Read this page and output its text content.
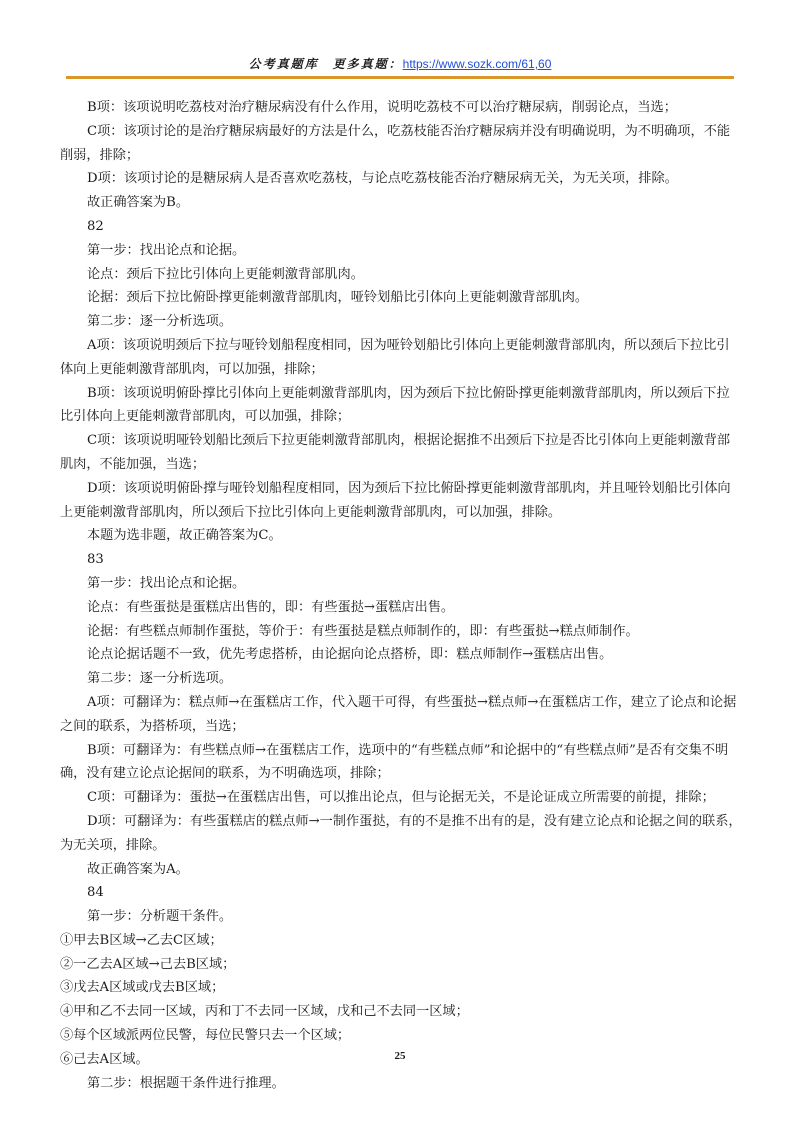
公考真题库 更多真题：https://www.sozk.com/61,60

B项：该项说明吃荔枝对治疗糖尿病没有什么作用，说明吃荔枝不可以治疗糖尿病，削弱论点，当选；

C项：该项讨论的是治疗糖尿病最好的方法是什么，吃荔枝能否治疗糖尿病并没有明确说明，为不明确项，不能削弱，排除；

D项：该项讨论的是糖尿病人是否喜欢吃荔枝，与论点吃荔枝能否治疗糖尿病无关，为无关项，排除。

故正确答案为B。

82

第一步：找出论点和论据。

论点：颈后下拉比引体向上更能刺激背部肌肉。

论据：颈后下拉比俯卧撑更能刺激背部肌肉，哑铃划船比引体向上更能刺激背部肌肉。

第二步：逐一分析选项。

A项：该项说明颈后下拉与哑铃划船程度相同，因为哑铃划船比引体向上更能刺激背部肌肉，所以颈后下拉比引体向上更能刺激背部肌肉，可以加强，排除；

B项：该项说明俯卧撑比引体向上更能刺激背部肌肉，因为颈后下拉比俯卧撑更能刺激背部肌肉，所以颈后下拉比引体向上更能刺激背部肌肉，可以加强，排除；

C项：该项说明哑铃划船比颈后下拉更能刺激背部肌肉，根据论据推不出颈后下拉是否比引体向上更能刺激背部肌肉，不能加强，当选；

D项：该项说明俯卧撑与哑铃划船程度相同，因为颈后下拉比俯卧撑更能刺激背部肌肉，并且哑铃划船比引体向上更能刺激背部肌肉，所以颈后下拉比引体向上更能刺激背部肌肉，可以加强，排除。

本题为选非题，故正确答案为C。

83

第一步：找出论点和论据。

论点：有些蛋挞是蛋糕店出售的，即：有些蛋挞→蛋糕店出售。

论据：有些糕点师制作蛋挞，等价于：有些蛋挞是糕点师制作的，即：有些蛋挞→糕点师制作。

论点论据话题不一致，优先考虑搭桥，由论据向论点搭桥，即：糕点师制作→蛋糕店出售。

第二步：逐一分析选项。

A项：可翻译为：糕点师→在蛋糕店工作，代入题干可得，有些蛋挞→糕点师→在蛋糕店工作，建立了论点和论据之间的联系，为搭桥项，当选；

B项：可翻译为：有些糕点师→在蛋糕店工作，选项中的“有些糕点师”和论据中的“有些糕点师”是否有交集不明确，没有建立论点论据间的联系，为不明确选项，排除；

C项：可翻译为：蛋挞→在蛋糕店出售，可以推出论点，但与论据无关，不是论证成立所需要的前提，排除；

D项：可翻译为：有些蛋糕店的糕点师→一制作蛋挞，有的不是推不出有的是，没有建立论点和论据之间的联系，为无关项，排除。

故正确答案为A。

84

第一步：分析题干条件。

①甲去B区域→乙去C区域；

②一乙去A区域→己去B区域；

③戊去A区域或戊去B区域；

④甲和乙不去同一区域，丙和丁不去同一区域，戊和己不去同一区域；

⑤每个区域派两位民警，每位民警只去一个区域；

⑥己去A区域。

第二步：根据题干条件进行推理。

25
